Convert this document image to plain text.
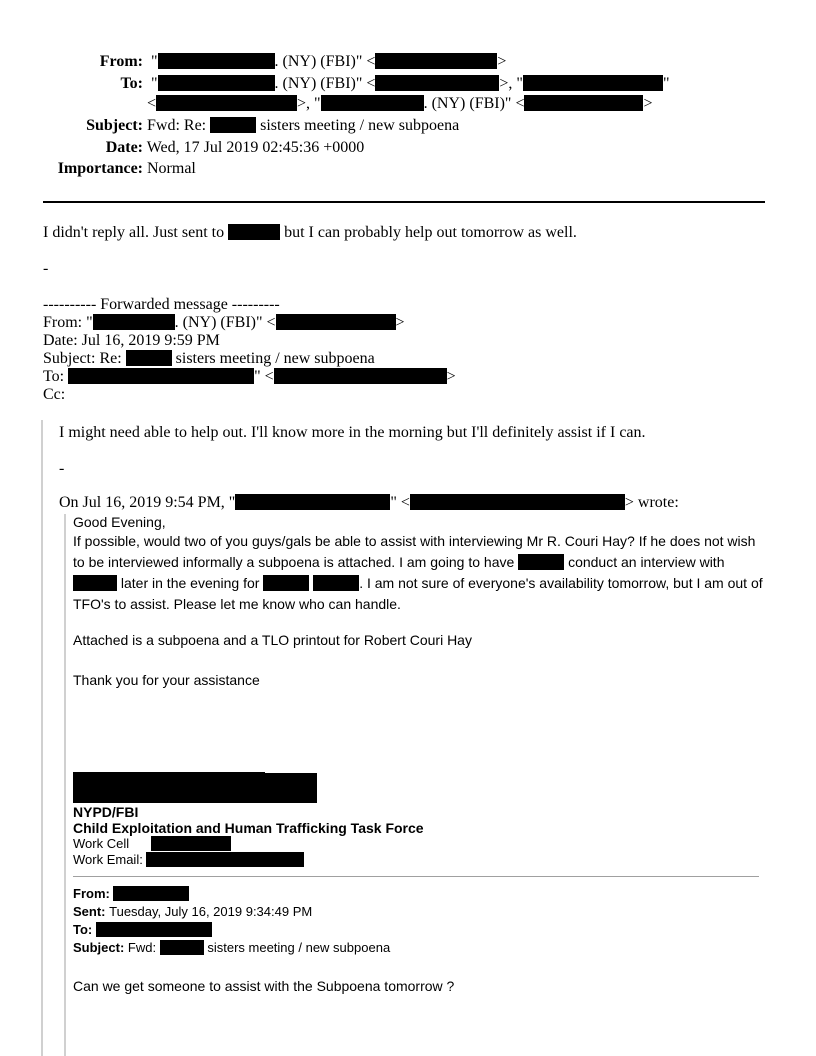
From:  "	. (NY) (FBI)" <	>
To:  "	. (NY) (FBI)" <	>, "	"
<	>, "	. (NY) (FBI)" <	>
Subject: Fwd: Re:	sisters meeting / new subpoena
Date: Wed, 17 Jul 2019 02:45:36 +0000
Importance: Normal
I didn't reply all. Just sent to	but I can probably help out tomorrow as well.
-
---------- Forwarded message ---------
From: "	. (NY) (FBI)" <	>
Date: Jul 16, 2019 9:59 PM
Subject: Re:	sisters meeting / new subpoena
To:	" <	>
Cc:
I might need able to help out. I'll know more in the morning but I'll definitely assist if I can.
-
On Jul 16, 2019 9:54 PM, "	" <	> wrote:
Good Evening,
If possible, would two of you guys/gals be able to assist with interviewing Mr R. Couri Hay? If he does not wish to be interviewed informally a subpoena is attached. I am going to have	conduct an interview with  later in the evening for	. I am not sure of everyone's availability tomorrow, but I am out of TFO's to assist. Please let me know who can handle.
Attached is a subpoena and a TLO printout for Robert Couri Hay
Thank you for your assistance
NYPD/FBI
Child Exploitation and Human Trafficking Task Force
Work Cell
Work Email:
From:
Sent: Tuesday, July 16, 2019 9:34:49 PM
To:
Subject: Fwd:	sisters meeting / new subpoena
Can we get someone to assist with the Subpoena tomorrow ?
